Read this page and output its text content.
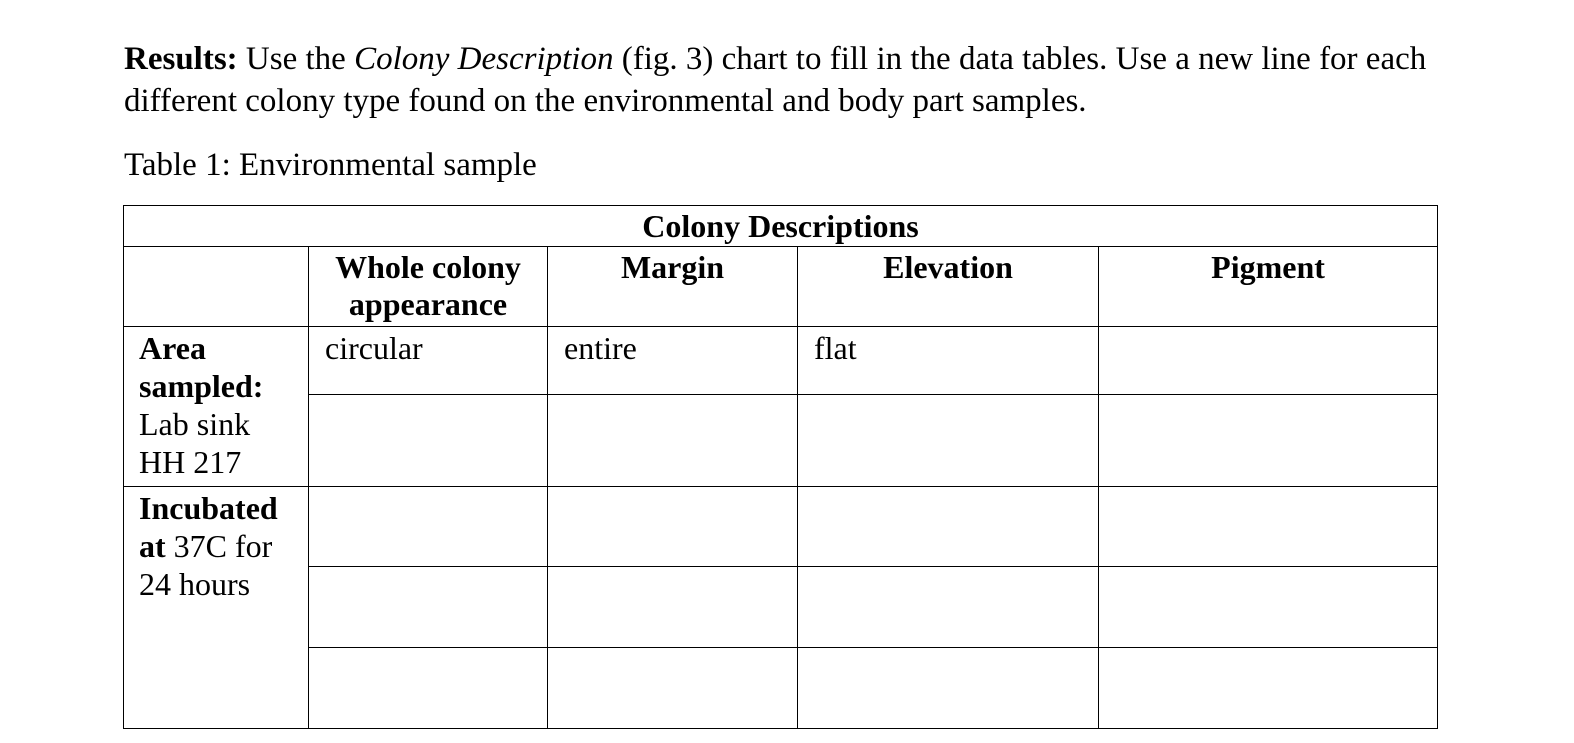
Results: Use the Colony Description (fig. 3) chart to fill in the data tables. Use a new line for each different colony type found on the environmental and body part samples.

Table 1: Environmental sample

Colony Descriptions				
	Whole colony appearance	Margin	Elevation	Pigment
Area sampled: Lab sink HH 217	circular	entire	flat	

Incubated at 37C for 24 hours				
